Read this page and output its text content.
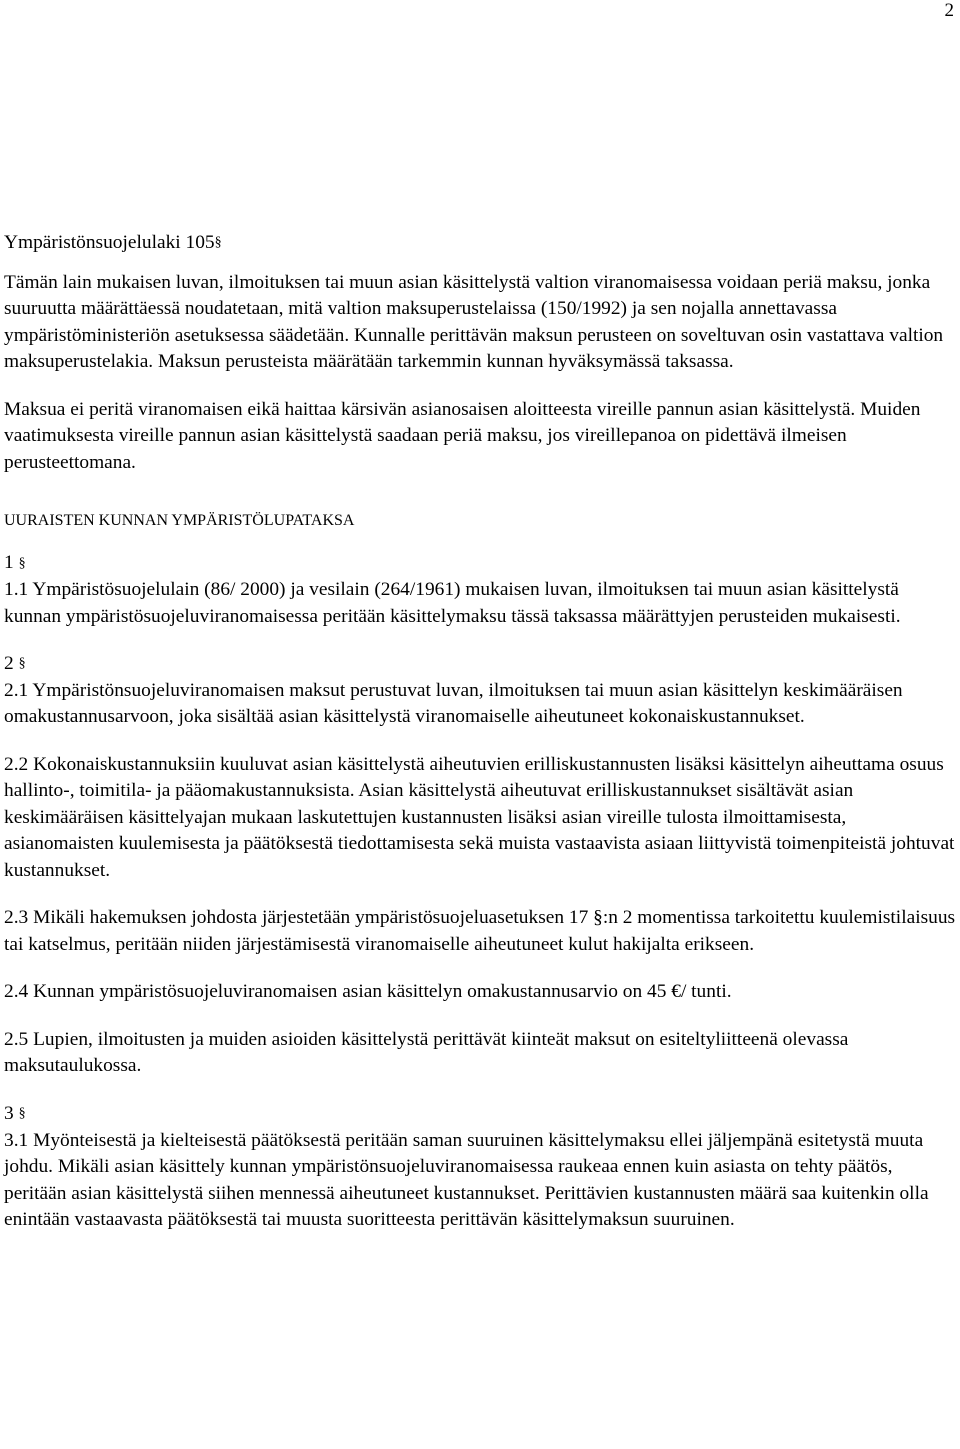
2

Ympäristönsuojelulaki 105§

Tämän lain mukaisen luvan, ilmoituksen tai muun asian käsittelystä valtion viranomaisessa voidaan periä maksu, jonka suuruutta määrättäessä noudatetaan, mitä valtion maksuperustelaissa (150/1992) ja sen nojalla annettavassa ympäristöministeriön asetuksessa säädetään. Kunnalle perittävän maksun perusteen on soveltuvan osin vastattava valtion maksuperustelakia. Maksun perusteista määrätään tarkemmin kunnan hyväksymässä taksassa.

Maksua ei peritä viranomaisen eikä haittaa kärsivän asianosaisen aloitteesta vireille pannun asian käsittelystä. Muiden vaatimuksesta vireille pannun asian käsittelystä saadaan periä maksu, jos vireillepanoa on pidettävä ilmeisen perusteettomana.

UURAISTEN KUNNAN YMPÄRISTÖLUPATAKSA

1 §

1.1 Ympäristösuojelulain (86/ 2000) ja vesilain (264/1961) mukaisen luvan, ilmoituksen tai muun asian käsittelystä kunnan ympäristösuojeluviranomaisessa peritään käsittelymaksu tässä taksassa määrättyjen perusteiden mukaisesti.

2 §

2.1 Ympäristönsuojeluviranomaisen maksut perustuvat luvan, ilmoituksen tai muun asian käsittelyn keskimääräisen omakustannusarvoon, joka sisältää asian käsittelystä viranomaiselle aiheutuneet kokonaiskustannukset.

2.2 Kokonaiskustannuksiin kuuluvat asian käsittelystä aiheutuvien erilliskustannusten lisäksi käsittelyn aiheuttama osuus hallinto-, toimitila- ja pääomakustannuksista. Asian käsittelystä aiheutuvat erilliskustannukset sisältävät asian keskimääräisen käsittelyajan mukaan laskutettujen kustannusten lisäksi asian vireille tulosta ilmoittamisesta, asianomaisten kuulemisesta ja päätöksestä tiedottamisesta sekä muista vastaavista asiaan liittyvistä toimenpiteistä johtuvat kustannukset.

2.3 Mikäli hakemuksen johdosta järjestetään ympäristösuojeluasetuksen 17 §:n 2 momentissa tarkoitettu kuulemistilaisuus tai katselmus, peritään niiden järjestämisestä viranomaiselle aiheutuneet kulut hakijalta erikseen.

2.4 Kunnan ympäristösuojeluviranomaisen asian käsittelyn omakustannusarvio on 45 €/ tunti.

2.5 Lupien, ilmoitusten ja muiden asioiden käsittelystä perittävät kiinteät maksut on esiteltyliitteenä olevassa maksutaulukossa.

3 §

3.1 Myönteisestä ja kielteisestä päätöksestä peritään saman suuruinen käsittelymaksu ellei jäljempänä esitetystä muuta johdu. Mikäli asian käsittely kunnan ympäristönsuojeluviranomaisessa raukeaa ennen kuin asiasta on tehty päätös, peritään asian käsittelystä siihen mennessä aiheutuneet kustannukset. Perittävien kustannusten määrä saa kuitenkin olla enintään vastaavasta päätöksestä tai muusta suoritteesta perittävän käsittelymaksun suuruinen.
